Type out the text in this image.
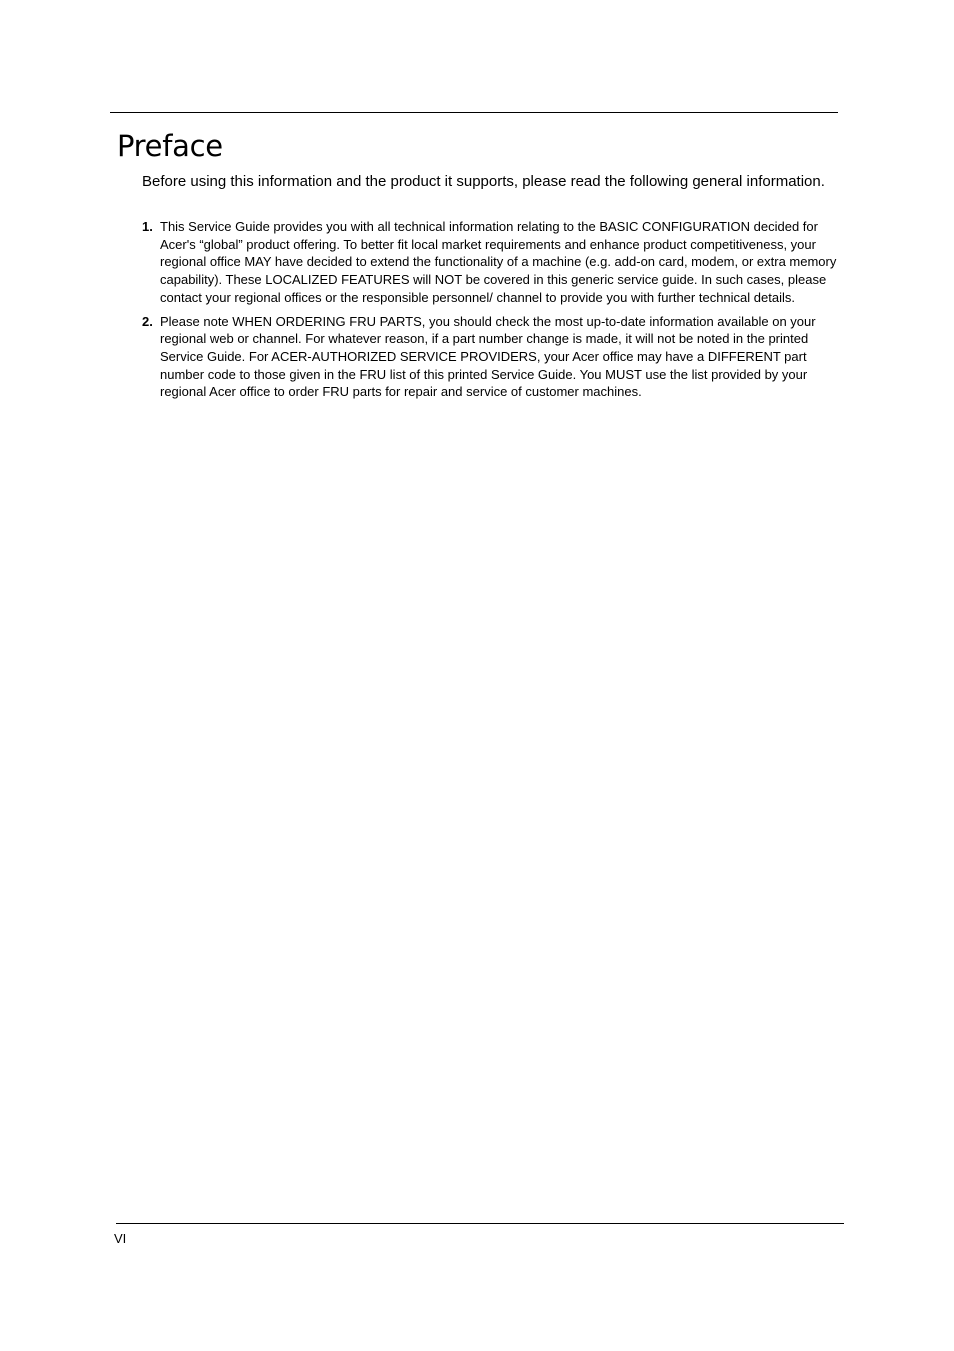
Preface

Before using this information and the product it supports, please read the following general information.

1. This Service Guide provides you with all technical information relating to the BASIC CONFIGURATION decided for Acer's “global” product offering. To better fit local market requirements and enhance product competitiveness, your regional office MAY have decided to extend the functionality of a machine (e.g. add-on card, modem, or extra memory capability). These LOCALIZED FEATURES will NOT be covered in this generic service guide. In such cases, please contact your regional offices or the responsible personnel/ channel to provide you with further technical details.
2. Please note WHEN ORDERING FRU PARTS, you should check the most up-to-date information available on your regional web or channel. For whatever reason, if a part number change is made, it will not be noted in the printed Service Guide. For ACER-AUTHORIZED SERVICE PROVIDERS, your Acer office may have a DIFFERENT part number code to those given in the FRU list of this printed Service Guide. You MUST use the list provided by your regional Acer office to order FRU parts for repair and service of customer machines.
VI
